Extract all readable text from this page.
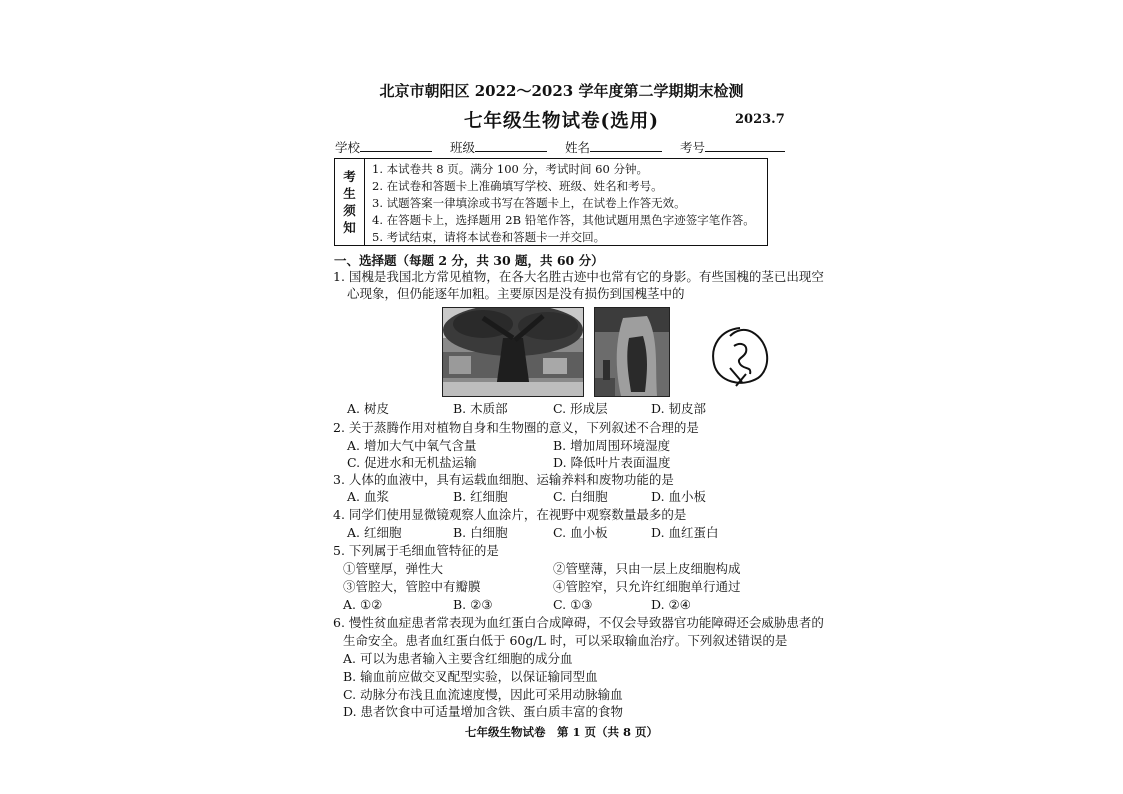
北京市朝阳区 2022～2023 学年度第二学期期末检测
七年级生物试卷(选用)	2023.7
学校	班级	姓名	考号
考
生
须
知
1. 本试卷共 8 页。满分 100 分，考试时间 60 分钟。
2. 在试卷和答题卡上准确填写学校、班级、姓名和考号。
3. 试题答案一律填涂或书写在答题卡上，在试卷上作答无效。
4. 在答题卡上，选择题用 2B 铅笔作答，其他试题用黑色字迹签字笔作答。
5. 考试结束，请将本试卷和答题卡一并交回。
一、选择题（每题 2 分，共 30 题，共 60 分）
1. 国槐是我国北方常见植物，在各大名胜古迹中也常有它的身影。有些国槐的茎已出现空
心现象，但仍能逐年加粗。主要原因是没有损伤到国槐茎中的
A. 树皮	B. 木质部	C. 形成层	D. 韧皮部
2. 关于蒸腾作用对植物自身和生物圈的意义，下列叙述不合理的是
A. 增加大气中氧气含量	B. 增加周围环境湿度
C. 促进水和无机盐运输	D. 降低叶片表面温度
3. 人体的血液中，具有运载血细胞、运输养料和废物功能的是
A. 血浆	B. 红细胞	C. 白细胞	D. 血小板
4. 同学们使用显微镜观察人血涂片，在视野中观察数量最多的是
A. 红细胞	B. 白细胞	C. 血小板	D. 血红蛋白
5. 下列属于毛细血管特征的是
①管壁厚，弹性大	②管壁薄，只由一层上皮细胞构成
③管腔大，管腔中有瓣膜	④管腔窄，只允许红细胞单行通过
A. ①②	B. ②③	C. ①③	D. ②④
6. 慢性贫血症患者常表现为血红蛋白合成障碍，不仅会导致器官功能障碍还会威胁患者的
生命安全。患者血红蛋白低于 60g/L 时，可以采取输血治疗。下列叙述错误的是
A. 可以为患者输入主要含红细胞的成分血
B. 输血前应做交叉配型实验，以保证输同型血
C. 动脉分布浅且血流速度慢，因此可采用动脉输血
D. 患者饮食中可适量增加含铁、蛋白质丰富的食物
七年级生物试卷　第 1 页（共 8 页）
